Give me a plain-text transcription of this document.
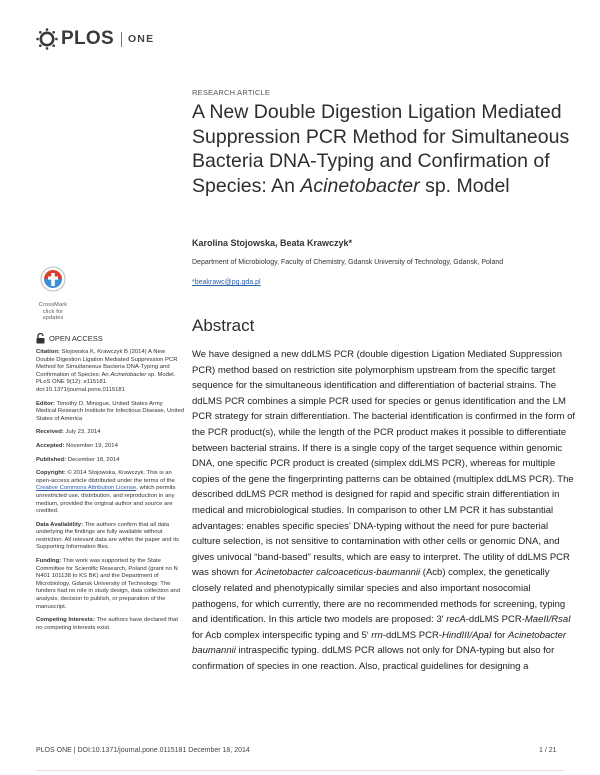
PLOS ONE
RESEARCH ARTICLE
A New Double Digestion Ligation Mediated Suppression PCR Method for Simultaneous Bacteria DNA-Typing and Confirmation of Species: An Acinetobacter sp. Model
Karolina Stojowska, Beata Krawczyk*
Department of Microbiology, Faculty of Chemistry, Gdansk University of Technology, Gdansk, Poland
*beakrawc@pg.gda.pl
CrossMark
click for updates
OPEN ACCESS
Citation: Stojowska K, Krawczyk B (2014) A New Double Digestion Ligation Mediated Suppression PCR Method for Simultaneous Bacteria DNA-Typing and Confirmation of Species: An Acinetobacter sp. Model. PLoS ONE 9(12): e115181. doi:10.1371/journal.pone.0115181
Editor: Timothy D. Minogue, United States Army Medical Research Institute for Infectious Disease, United States of America
Received: July 23, 2014
Accepted: November 19, 2014
Published: December 18, 2014
Copyright: © 2014 Stojowska, Krawczyk. This is an open-access article distributed under the terms of the Creative Commons Attribution License, which permits unrestricted use, distribution, and reproduction in any medium, provided the original author and source are credited.
Data Availability: The authors confirm that all data underlying the findings are fully available without restriction. All relevant data are within the paper and its Supporting Information files.
Funding: This work was supported by the State Committee for Scientific Research, Poland (grant no N N401 101138 to KS BK) and the Department of Microbiology, Gdansk University of Technology. The funders had no role in study design, data collection and analysis, decision to publish, or preparation of the manuscript.
Competing Interests: The authors have declared that no competing interests exist.
Abstract
We have designed a new ddLMS PCR (double digestion Ligation Mediated Suppression PCR) method based on restriction site polymorphism upstream from the specific target sequence for the simultaneous identification and differentiation of bacterial strains. The ddLMS PCR combines a simple PCR used for species or genus identification and the LM PCR strategy for strain differentiation. The bacterial identification is confirmed in the form of the PCR product(s), while the length of the PCR product makes it possible to differentiate between bacterial strains. If there is a single copy of the target sequence within genomic DNA, one specific PCR product is created (simplex ddLMS PCR), whereas for multiple copies of the gene the fingerprinting patterns can be obtained (multiplex ddLMS PCR). The described ddLMS PCR method is designed for rapid and specific strain differentiation in medical and microbiological studies. In comparison to other LM PCR it has substantial advantages: enables specific species’ DNA-typing without the need for pure bacterial culture selection, is not sensitive to contamination with other cells or genomic DNA, and gives univocal “band-based” results, which are easy to interpret. The utility of ddLMS PCR was shown for Acinetobacter calcoaceticus-baumannii (Acb) complex, the genetically closely related and phenotypically similar species and also important nosocomial pathogens, for which currently, there are no recommended methods for screening, typing and identification. In this article two models are proposed: 3′ recA-ddLMS PCR-MaeII/RsaI for Acb complex interspecific typing and 5′ rrn-ddLMS PCR-HindIII/ApaI for Acinetobacter baumannii intraspecific typing. ddLMS PCR allows not only for DNA-typing but also for confirmation of species in one reaction. Also, practical guidelines for designing a
PLOS ONE | DOI:10.1371/journal.pone.0115181 December 18, 2014	1 / 21
